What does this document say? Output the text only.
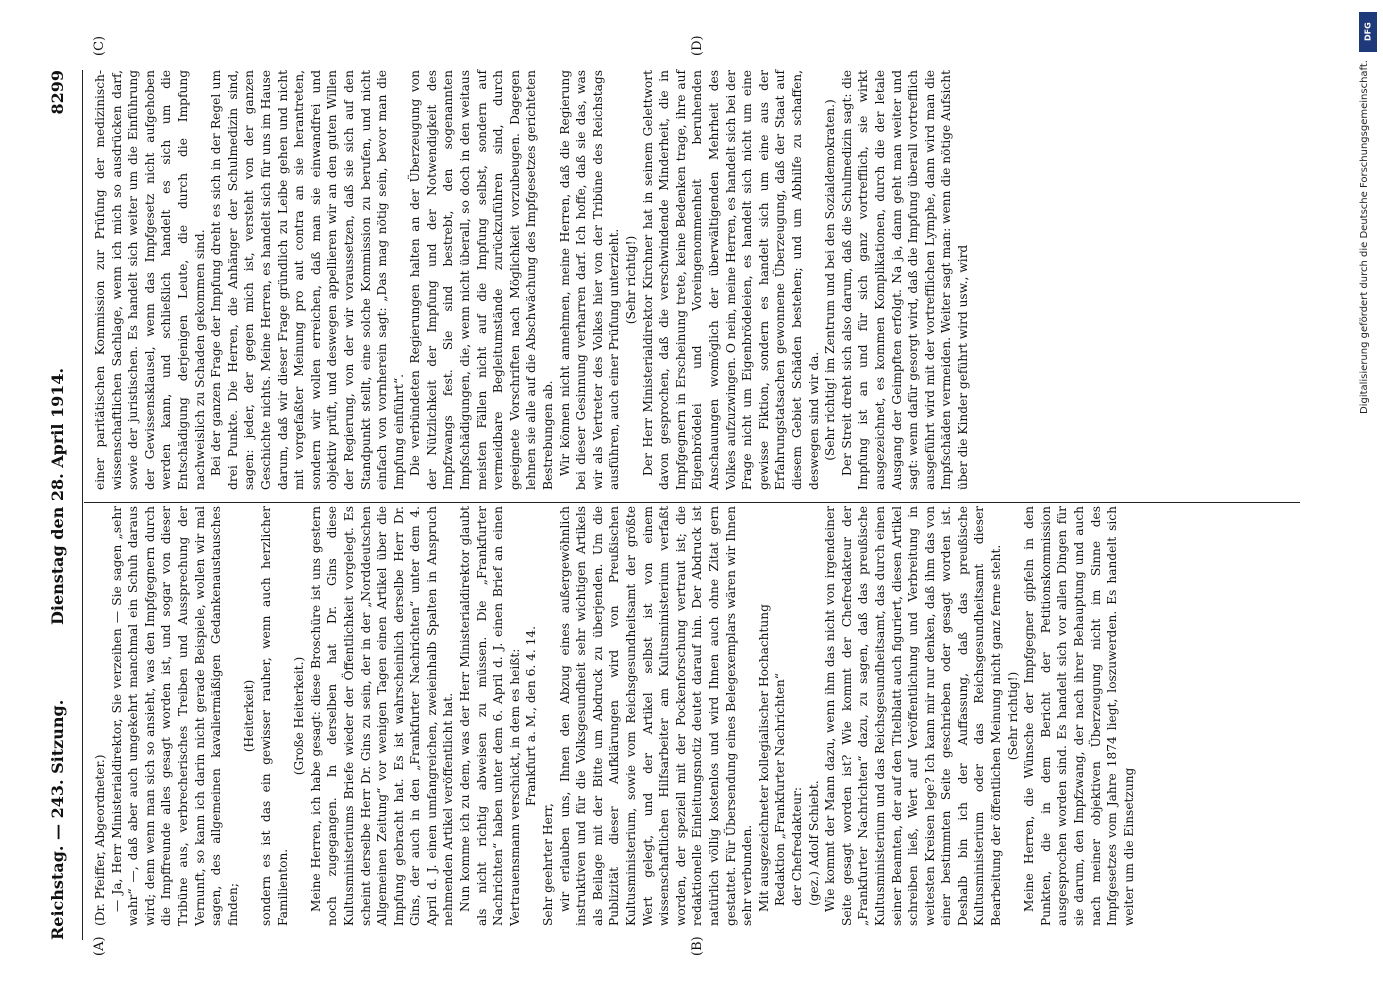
Reichstag. — 243. Sitzung.
Dienstag den 28. April 1914.
8299
(A)	(B)
(C)	(D)

(Dr. Pfeiffer, Abgeordneter.) — Ja, Herr Ministerialdirektor, Sie verzeihen — Sie sagen „sehr wahr“ —, daß aber auch umgekehrt manchmal ein Schuh daraus wird; denn wenn man sich so ansieht, was den Impfgegnern durch die Impffreunde alles gesagt worden ist, und sogar von dieser Tribüne aus, verbrecherisches Treiben und Aussprechung der Vernunft, so kann ich darin nicht gerade Beispiele, wollen wir mal sagen, des allgemeinen kavaliermäßigen Gedankenaustausches finden;

(Heiterkeit) sondern es ist das ein gewisser rauher, wenn auch herzlicher Familienton.

(Große Heiterkeit.) Meine Herren, ich habe gesagt: diese Broschüre ist uns gestern noch zugegangen. In derselben hat Dr. Gins diese Kultusministeriums Briefe wieder der Öffentlichkeit vorgelegt. Es scheint derselbe Herr Dr. Gins zu sein, der in der „Norddeutschen Allgemeinen Zeitung“ vor wenigen Tagen einen Artikel über die Impfung gebracht hat. Es ist wahrscheinlich derselbe Herr Dr. Gins, der auch in den „Frankfurter Nachrichten“ unter dem 4. April d. J. einen umfangreichen, zweieinhalb Spalten in Anspruch nehmenden Artikel veröffentlicht hat. Nun komme ich zu dem, was der Herr Ministerialdirektor glaubt als nicht richtig abweisen zu müssen. Die „Frankfurter Nachrichten“ haben unter dem 6. April d. J. einen Brief an einen Vertrauensmann verschickt, in dem es heißt: Frankfurt a. M., den 6. 4. 14.

Sehr geehrter Herr, wir erlauben uns, Ihnen den Abzug eines außergewöhnlich instruktiven und für die Volksgesundheit sehr wichtigen Artikels als Beilage mit der Bitte um Abdruck zu überjenden. Um die Publizität dieser Aufklärungen wird von Preußischen Kultusministerium, sowie vom Reichsgesundheitsamt der größte Wert gelegt, und der Artikel selbst ist von einem wissenschaftlichen Hilfsarbeiter am Kultusministerium verfaßt worden, der speziell mit der Pockenforschung vertraut ist; die redaktionelle Einleitungsnotiz deutet darauf hin. Der Abdruck ist natürlich völlig kostenlos und wird Ihnen auch ohne Zitat gern gestattet. Für Übersendung eines Belegexemplars wären wir Ihnen sehr verbunden. Mit ausgezeichneter kollegialischer Hochachtung Redaktion „Frankfurter Nachrichten“ der Chefredakteur: (gez.) Adolf Schiebt. Wie kommt der Mann dazu, wenn ihm das nicht von irgendeiner Seite gesagt worden ist? Wie kommt der Chefredakteur der „Frankfurter Nachrichten“ dazu, zu sagen, daß das preußische Kultusministerium und das Reichsgesundheitsamt, das durch einen seiner Beamten, der auf den Titelblatt auch figuriert, diesen Artikel schreiben ließ, Wert auf Veröffentlichung und Verbreitung in weitesten Kreisen lege? Ich kann mir nur denken, daß ihm das von einer bestimmten Seite geschrieben oder gesagt worden ist. Deshalb bin ich der Auffassung, daß das preußische Kultusministerium oder das Reichsgesundheitsamt dieser Bearbeitung der öffentlichen Meinung nicht ganz ferne steht. (Sehr richtig!) Meine Herren, die Wünsche der Impfgegner gipfeln in den Punkten, die in dem Bericht der Petitionskommission ausgesprochen worden sind. Es handelt sich vor allen Dingen für sie darum, den Impfzwang, der nach ihrer Behauptung und auch nach meiner objektiven Überzeugung nicht im Sinne des Impfgesetzes vom Jahre 1874 liegt, loszuwerden. Es handelt sich weiter um die Einsetzung

einer paritätischen Kommission zur Prüfung der medizinisch-wissenschaftlichen Sachlage, wenn ich mich so ausdrücken darf, sowie der juristischen. Es handelt sich weiter um die Einführung der Gewissensklausel, wenn das Impfgesetz nicht aufgehoben werden kann, und schließlich handelt es sich um die Entschädigung derjenigen Leute, die durch die Impfung nachweislich zu Schaden gekommen sind. Bei der ganzen Frage der Impfung dreht es sich in der Regel um drei Punkte. Die Herren, die Anhänger der Schulmedizin sind, sagen: jeder, der gegen mich ist, versteht von der ganzen Geschichte nichts. Meine Herren, es handelt sich für uns im Hause darum, daß wir dieser Frage gründlich zu Leibe gehen und nicht mit vorgefaßter Meinung pro aut contra an sie herantreten, sondern wir wollen erreichen, daß man sie einwandfrei und objektiv prüft, und deswegen appellieren wir an den guten Willen der Regierung, von der wir voraussetzen, daß sie sich auf den Standpunkt stellt, eine solche Kommission zu berufen, und nicht einfach von vornherein sagt: „Das mag nötig sein, bevor man die Impfung einführt“. Die verbündeten Regierungen halten an der Überzeugung von der Nützlichkeit der Impfung und der Notwendigkeit des Impfzwangs fest. Sie sind bestrebt, den sogenannten Impfschädigungen, die, wenn nicht überall, so doch in den weitaus meisten Fällen nicht auf die Impfung selbst, sondern auf vermeidbare Begleitumstände zurückzuführen sind, durch geeignete Vorschriften nach Möglichkeit vorzubeugen. Dagegen lehnen sie alle auf die Abschwächung des Impfgesetzes gerichteten Bestrebungen ab. Wir können nicht annehmen, meine Herren, daß die Regierung bei dieser Gesinnung verharren darf. Ich hoffe, daß sie das, was wir als Vertreter des Volkes hier von der Tribüne des Reichstags ausführen, auch einer Prüfung unterzieht. (Sehr richtig!) Der Herr Ministerialdirektor Kirchner hat in seinem Gelettwort davon gesprochen, daß die verschwindende Minderheit, die in Impfgegnern in Erscheinung trete, keine Bedenken trage, ihre auf Eigenbrödelei und Voreingenommenheit beruhenden Anschauungen womöglich der überwältigenden Mehrheit des Volkes aufzuzwingen. O nein, meine Herren, es handelt sich bei der Frage nicht um Eigenbrödeleien, es handelt sich nicht um eine gewisse Fiktion, sondern es handelt sich um eine aus der Erfahrungstatsachen gewonnene Überzeugung, daß der Staat auf diesem Gebiet Schäden bestehen; und um Abhilfe zu schaffen, deswegen sind wir da. (Sehr richtig! im Zentrum und bei den Sozialdemokraten.) Der Streit dreht sich also darum, daß die Schulmedizin sagt: die Impfung ist an und für sich ganz vortrefflich, sie wirkt ausgezeichnet, es kommen Komplikationen, durch die der letale Ausgang der Geimpften erfolgt. Na ja, dann geht man weiter und sagt: wenn dafür gesorgt wird, daß die Impfung überall vortrefflich ausgeführt wird mit der vortrefflichen Lymphe, dann wird man die Impfschäden vermeiden. Weiter sagt man: wenn die nötige Aufsicht über die Kinder geführt wird usw., wird

DFG
Digitalisierung gefördert durch die Deutsche Forschungsgemeinschaft.
